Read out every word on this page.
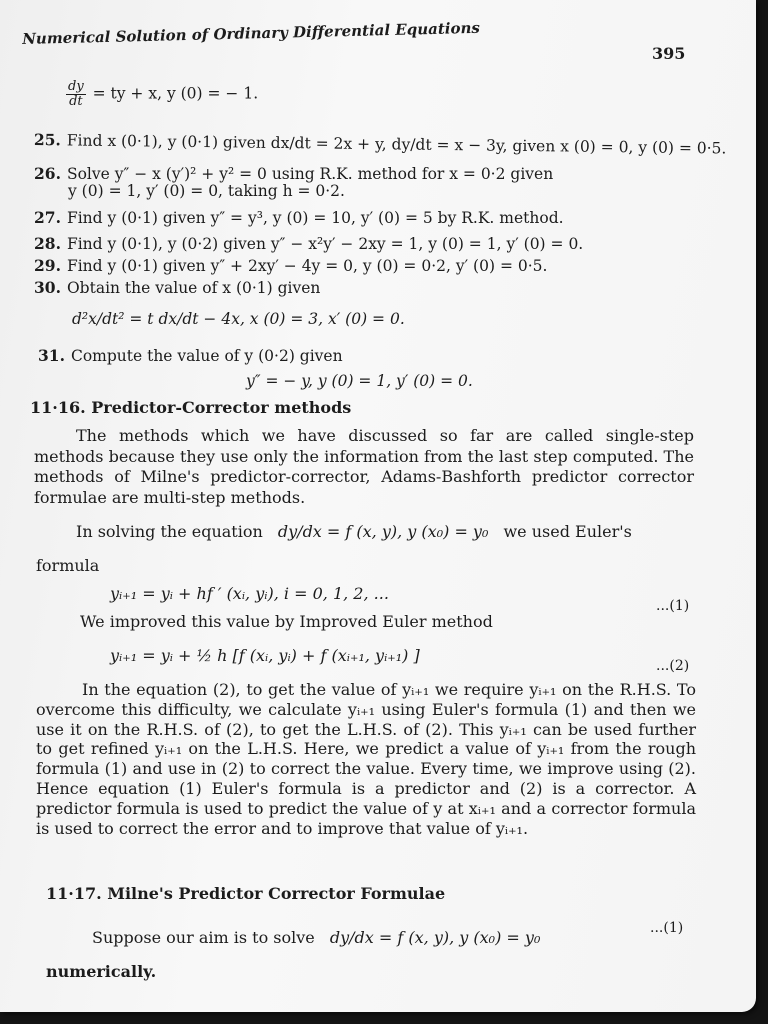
Numerical Solution of Ordinary Differential Equations
395
$\frac{dy}{dt}$ = ty + x, y (0) = − 1.
25. Find x (0·1), y (0·1) given dx/dt = 2x + y, dy/dt = x − 3y, given x (0) = 0, y (0) = 0·5.
26. Solve y″ − x (y′)² + y² = 0 using R.K. method for x = 0·2 given
y (0) = 1, y′ (0) = 0, taking h = 0·2.
27. Find y (0·1) given y″ = y³, y (0) = 10, y′ (0) = 5 by R.K. method.
28. Find y (0·1), y (0·2) given y″ − x²y′ − 2xy = 1, y (0) = 1, y′ (0) = 0.
29. Find y (0·1) given y″ + 2xy′ − 4y = 0, y (0) = 0·2, y′ (0) = 0·5.
30. Obtain the value of x (0·1) given
d²x/dt² = t dx/dt − 4x, x (0) = 3, x′ (0) = 0.
31. Compute the value of y (0·2) given
y″ = − y, y (0) = 1, y′ (0) = 0.
11·16. Predictor-Corrector methods
The methods which we have discussed so far are called single-step methods because they use only the information from the last step computed. The methods of Milne's predictor-corrector, Adams-Bashforth predictor corrector formulae are multi-step methods.
In solving the equation dy/dx = f (x, y), y (x₀) = y₀ we used Euler's
formula
yᵢ₊₁ = yᵢ + hf ′ (xᵢ, yᵢ), i = 0, 1, 2, ...
...(1)
We improved this value by Improved Euler method
yᵢ₊₁ = yᵢ + ½ h [f (xᵢ, yᵢ) + f (xᵢ₊₁, yᵢ₊₁) ]
...(2)
In the equation (2), to get the value of yᵢ₊₁ we require yᵢ₊₁ on the R.H.S. To overcome this difficulty, we calculate yᵢ₊₁ using Euler's formula (1) and then we use it on the R.H.S. of (2), to get the L.H.S. of (2). This yᵢ₊₁ can be used further to get refined yᵢ₊₁ on the L.H.S. Here, we predict a value of yᵢ₊₁ from the rough formula (1) and use in (2) to correct the value. Every time, we improve using (2). Hence equation (1) Euler's formula is a predictor and (2) is a corrector. A predictor formula is used to predict the value of y at xᵢ₊₁ and a corrector formula is used to correct the error and to improve that value of yᵢ₊₁.
11·17. Milne's Predictor Corrector Formulae
Suppose our aim is to solve dy/dx = f (x, y), y (x₀) = y₀	...(1)
numerically.
